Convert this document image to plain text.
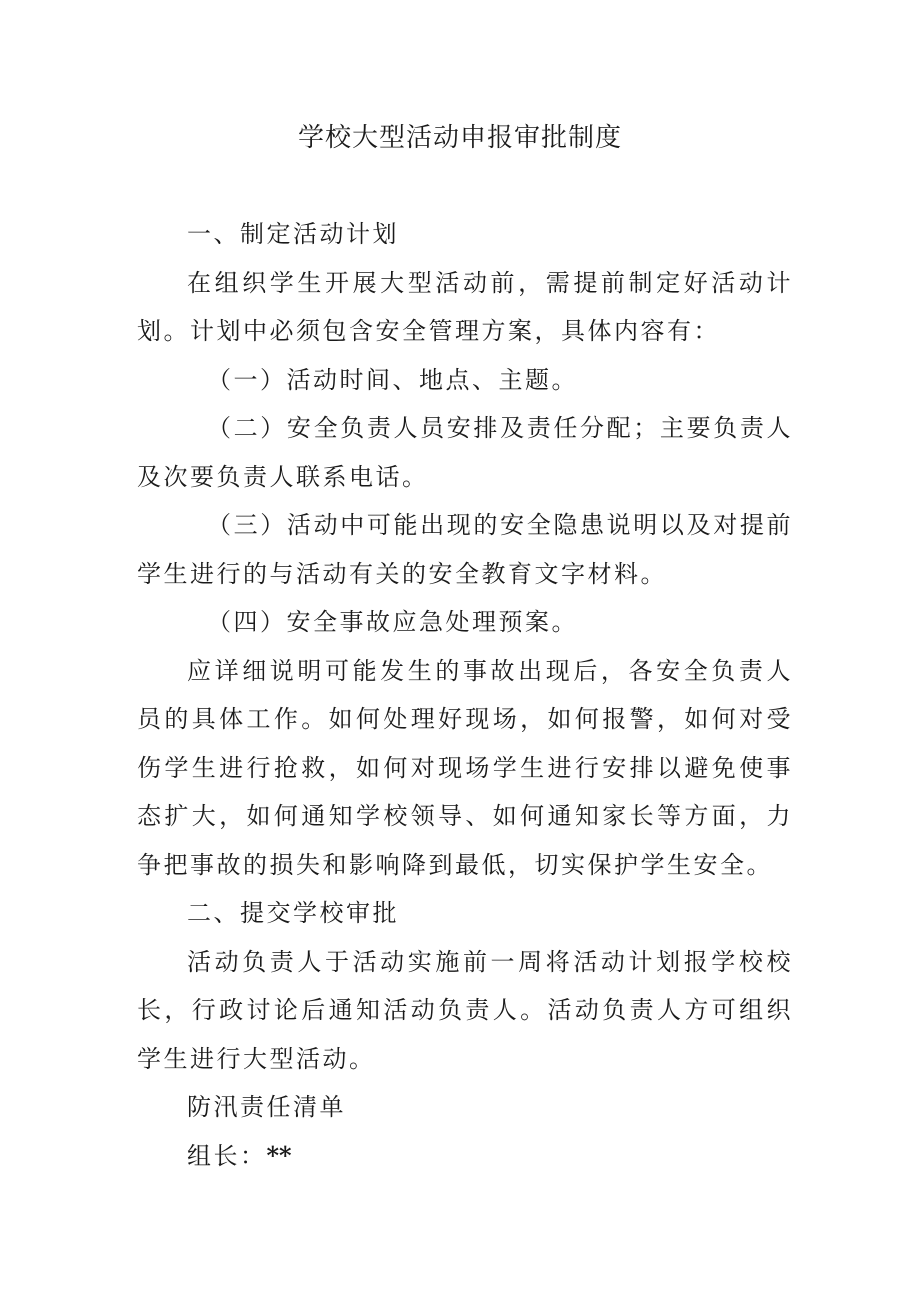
学校大型活动申报审批制度

一、制定活动计划

在组织学生开展大型活动前，需提前制定好活动计划。计划中必须包含安全管理方案，具体内容有：

（一）活动时间、地点、主题。

（二）安全负责人员安排及责任分配；主要负责人及次要负责人联系电话。

（三）活动中可能出现的安全隐患说明以及对提前学生进行的与活动有关的安全教育文字材料。

（四）安全事故应急处理预案。

应详细说明可能发生的事故出现后，各安全负责人员的具体工作。如何处理好现场，如何报警，如何对受伤学生进行抢救，如何对现场学生进行安排以避免使事态扩大，如何通知学校领导、如何通知家长等方面，力争把事故的损失和影响降到最低，切实保护学生安全。

二、提交学校审批

活动负责人于活动实施前一周将活动计划报学校校长，行政讨论后通知活动负责人。活动负责人方可组织学生进行大型活动。

防汛责任清单

组长：**
